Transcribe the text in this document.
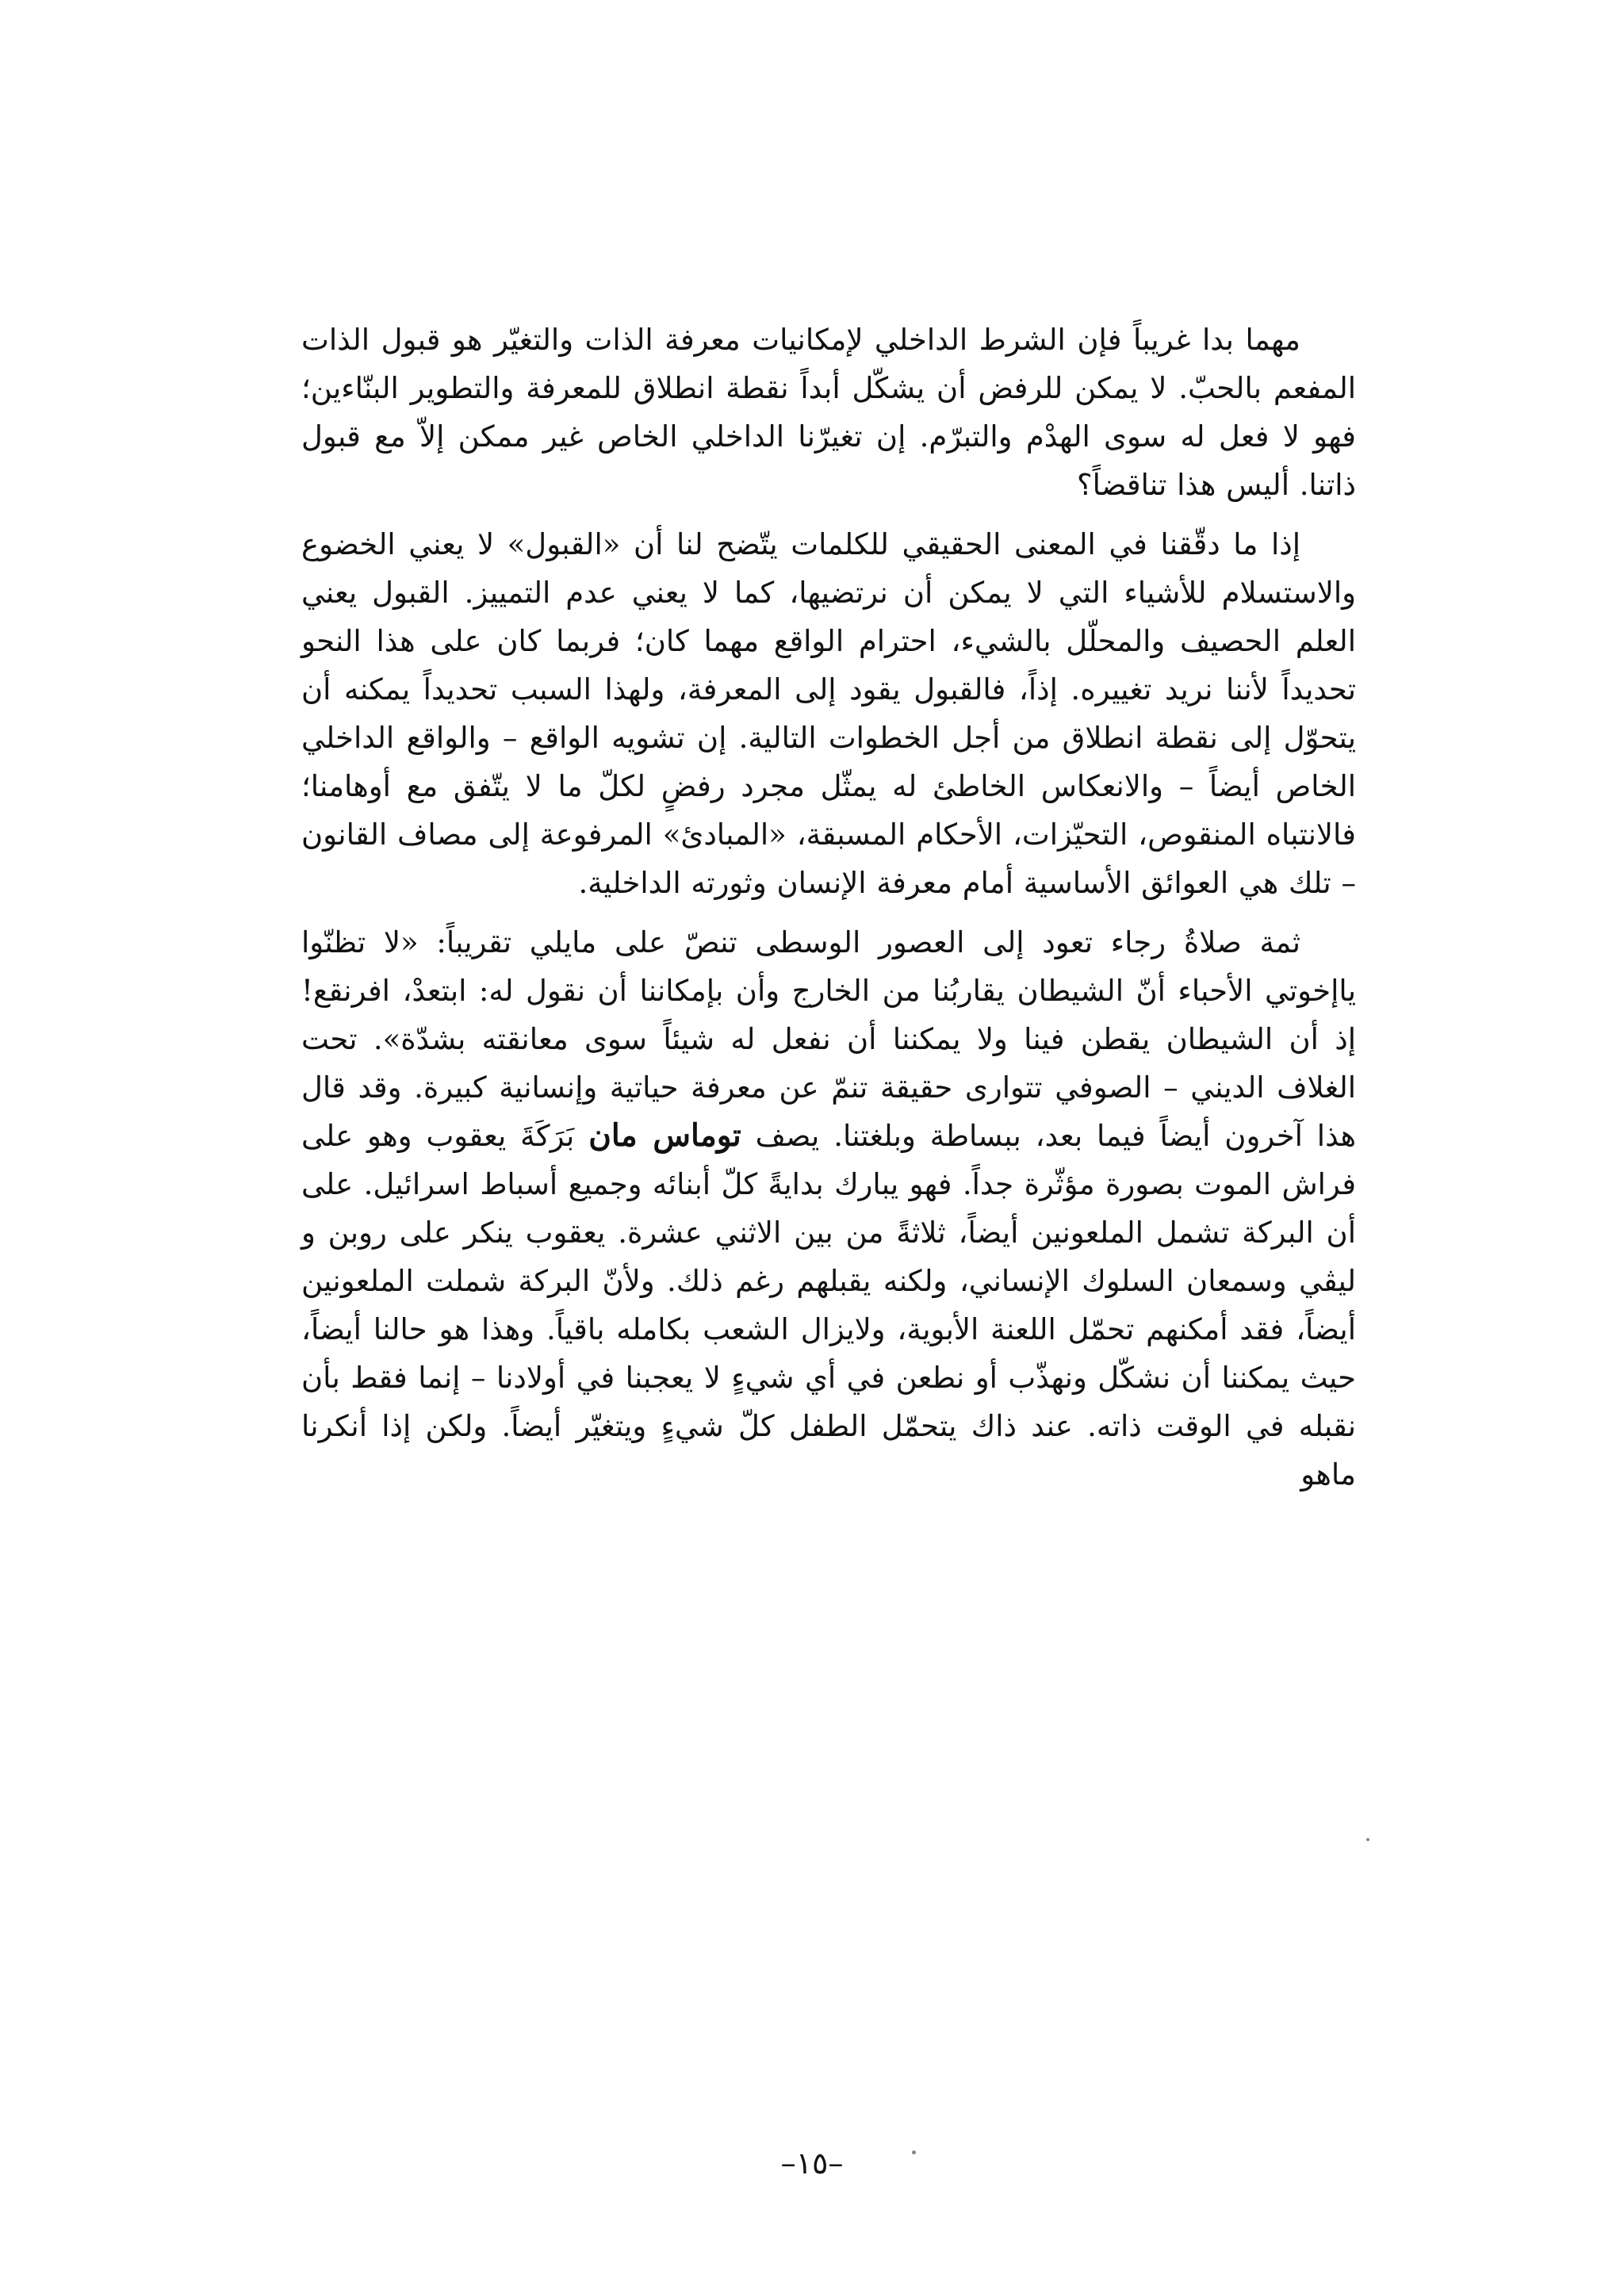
مهما بدا غريباً فإن الشرط الداخلي لإمكانيات معرفة الذات والتغيّر هو قبول الذات المفعم بالحبّ. لا يمكن للرفض أن يشكّل أبداً نقطة انطلاق للمعرفة والتطوير البنّاءين؛ فهو لا فعل له سوى الهدْم والتبرّم. إن تغيرّنا الداخلي الخاص غير ممكن إلاّ مع قبول ذاتنا. أليس هذا تناقضاً؟

إذا ما دقّقنا في المعنى الحقيقي للكلمات يتّضح لنا أن «القبول» لا يعني الخضوع والاستسلام للأشياء التي لا يمكن أن نرتضيها، كما لا يعني عدم التمييز. القبول يعني العلم الحصيف والمحلّل بالشيء، احترام الواقع مهما كان؛ فربما كان على هذا النحو تحديداً لأننا نريد تغييره. إذاً، فالقبول يقود إلى المعرفة، ولهذا السبب تحديداً يمكنه أن يتحوّل إلى نقطة انطلاق من أجل الخطوات التالية. إن تشويه الواقع – والواقع الداخلي الخاص أيضاً – والانعكاس الخاطئ له يمثّل مجرد رفضٍ لكلّ ما لا يتّفق مع أوهامنا؛ فالانتباه المنقوص، التحيّزات، الأحكام المسبقة، «المبادئ» المرفوعة إلى مصاف القانون – تلك هي العوائق الأساسية أمام معرفة الإنسان وثورته الداخلية.

ثمة صلاةُ رجاء تعود إلى العصور الوسطى تنصّ على مايلي تقريباً: «لا تظنّوا ياإخوتي الأحباء أنّ الشيطان يقاربُنا من الخارج وأن بإمكاننا أن نقول له: ابتعدْ، افرنقع! إذ أن الشيطان يقطن فينا ولا يمكننا أن نفعل له شيئاً سوى معانقته بشدّة». تحت الغلاف الديني – الصوفي تتوارى حقيقة تنمّ عن معرفة حياتية وإنسانية كبيرة. وقد قال هذا آخرون أيضاً فيما بعد، ببساطة وبلغتنا. يصف توماس مان بَرَكَةَ يعقوب وهو على فراش الموت بصورة مؤثّرة جداً. فهو يبارك بدايةً كلّ أبنائه وجميع أسباط اسرائيل. على أن البركة تشمل الملعونين أيضاً، ثلاثةً من بين الاثني عشرة. يعقوب ينكر على روبن و ليڤي وسمعان السلوك الإنساني، ولكنه يقبلهم رغم ذلك. ولأنّ البركة شملت الملعونين أيضاً، فقد أمكنهم تحمّل اللعنة الأبوية، ولايزال الشعب بكامله باقياً. وهذا هو حالنا أيضاً، حيث يمكننا أن نشكّل ونهذّب أو نطعن في أي شيءٍ لا يعجبنا في أولادنا – إنما فقط بأن نقبله في الوقت ذاته. عند ذاك يتحمّل الطفل كلّ شيءٍ ويتغيّر أيضاً. ولكن إذا أنكرنا ماهو

–١٥–
